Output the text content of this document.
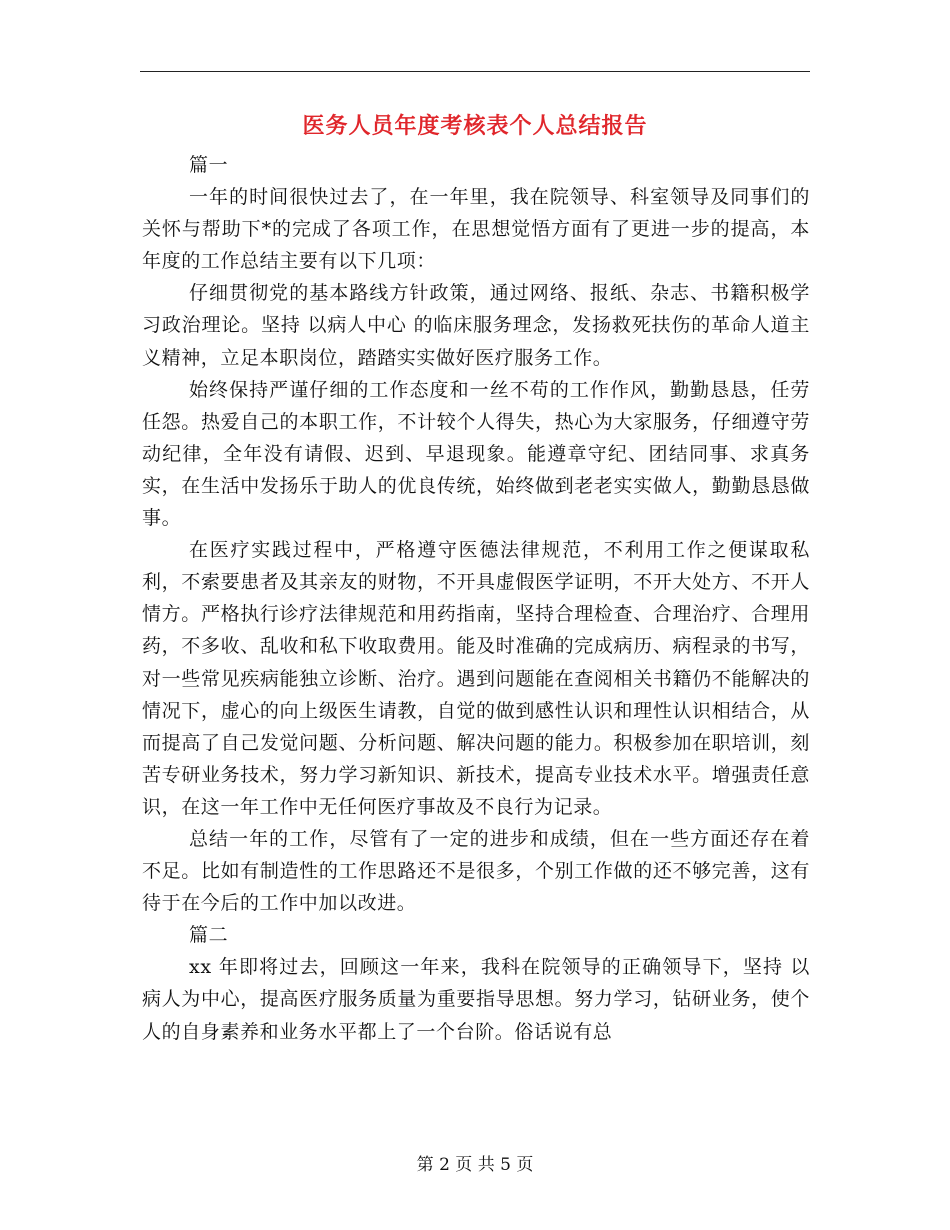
医务人员年度考核表个人总结报告

篇一

一年的时间很快过去了，在一年里，我在院领导、科室领导及同事们的关怀与帮助下*的完成了各项工作，在思想觉悟方面有了更进一步的提高，本年度的工作总结主要有以下几项：

仔细贯彻党的基本路线方针政策，通过网络、报纸、杂志、书籍积极学习政治理论。坚持 以病人中心 的临床服务理念，发扬救死扶伤的革命人道主义精神，立足本职岗位，踏踏实实做好医疗服务工作。

始终保持严谨仔细的工作态度和一丝不苟的工作作风，勤勤恳恳，任劳任怨。热爱自己的本职工作，不计较个人得失，热心为大家服务，仔细遵守劳动纪律，全年没有请假、迟到、早退现象。能遵章守纪、团结同事、求真务实，在生活中发扬乐于助人的优良传统，始终做到老老实实做人，勤勤恳恳做事。

在医疗实践过程中，严格遵守医德法律规范，不利用工作之便谋取私利，不索要患者及其亲友的财物，不开具虚假医学证明，不开大处方、不开人情方。严格执行诊疗法律规范和用药指南，坚持合理检查、合理治疗、合理用药，不多收、乱收和私下收取费用。能及时准确的完成病历、病程录的书写，对一些常见疾病能独立诊断、治疗。遇到问题能在查阅相关书籍仍不能解决的情况下，虚心的向上级医生请教，自觉的做到感性认识和理性认识相结合，从而提高了自己发觉问题、分析问题、解决问题的能力。积极参加在职培训，刻苦专研业务技术，努力学习新知识、新技术，提高专业技术水平。增强责任意识，在这一年工作中无任何医疗事故及不良行为记录。

总结一年的工作，尽管有了一定的进步和成绩，但在一些方面还存在着不足。比如有制造性的工作思路还不是很多，个别工作做的还不够完善，这有待于在今后的工作中加以改进。

篇二

xx 年即将过去，回顾这一年来，我科在院领导的正确领导下，坚持 以病人为中心，提高医疗服务质量为重要指导思想。努力学习，钻研业务，使个人的自身素养和业务水平都上了一个台阶。俗话说有总

第 2 页 共 5 页
